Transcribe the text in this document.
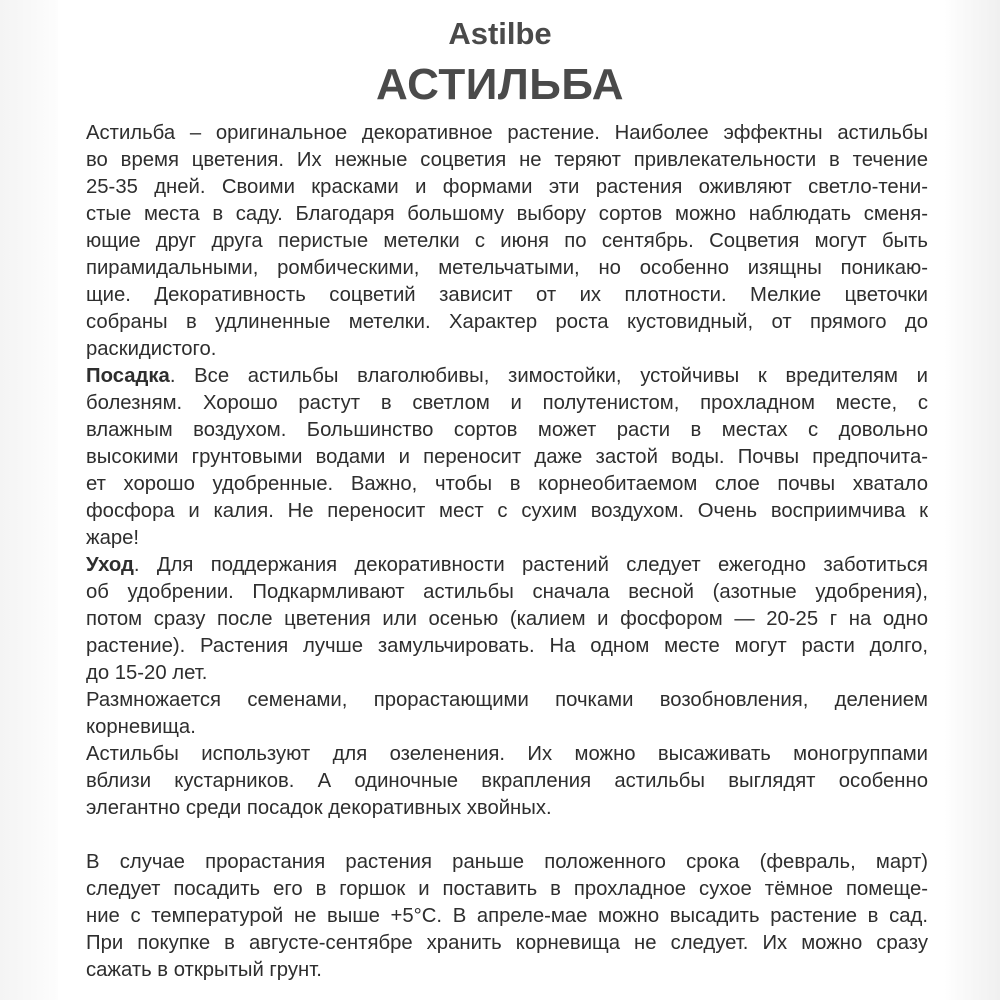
Astilbe
АСТИЛЬБА
Астильба – оригинальное декоративное растение. Наиболее эффектны астильбы
во время цветения. Их нежные соцветия не теряют привлекательности в течение
25-35 дней. Своими красками и формами эти растения оживляют светло-тени-
стые места в саду. Благодаря большому выбору сортов можно наблюдать сменя-
ющие друг друга перистые метелки с июня по сентябрь. Соцветия могут быть
пирамидальными, ромбическими, метельчатыми, но особенно изящны поникаю-
щие. Декоративность соцветий зависит от их плотности. Мелкие цветочки
собраны в удлиненные метелки. Характер роста кустовидный, от прямого до
раскидистого.
Посадка. Все астильбы влаголюбивы, зимостойки, устойчивы к вредителям и
болезням. Хорошо растут в светлом и полутенистом, прохладном месте, с
влажным воздухом. Большинство сортов может расти в местах с довольно
высокими грунтовыми водами и переносит даже застой воды. Почвы предпочита-
ет хорошо удобренные. Важно, чтобы в корнеобитаемом слое почвы хватало
фосфора и калия. Не переносит мест с сухим воздухом. Очень восприимчива к
жаре!
Уход. Для поддержания декоративности растений следует ежегодно заботиться
об удобрении. Подкармливают астильбы сначала весной (азотные удобрения),
потом сразу после цветения или осенью (калием и фосфором — 20-25 г на одно
растение). Растения лучше замульчировать. На одном месте могут расти долго,
до 15-20 лет.
Размножается семенами, прорастающими почками возобновления, делением
корневища.
Астильбы используют для озеленения. Их можно высаживать моногруппами
вблизи кустарников. А одиночные вкрапления астильбы выглядят особенно
элегантно среди посадок декоративных хвойных.
В случае прорастания растения раньше положенного срока (февраль, март)
следует посадить его в горшок и поставить в прохладное сухое тёмное помеще-
ние с температурой не выше +5°С. В апреле-мае можно высадить растение в сад.
При покупке в августе-сентябре хранить корневища не следует. Их можно сразу
сажать в открытый грунт.
